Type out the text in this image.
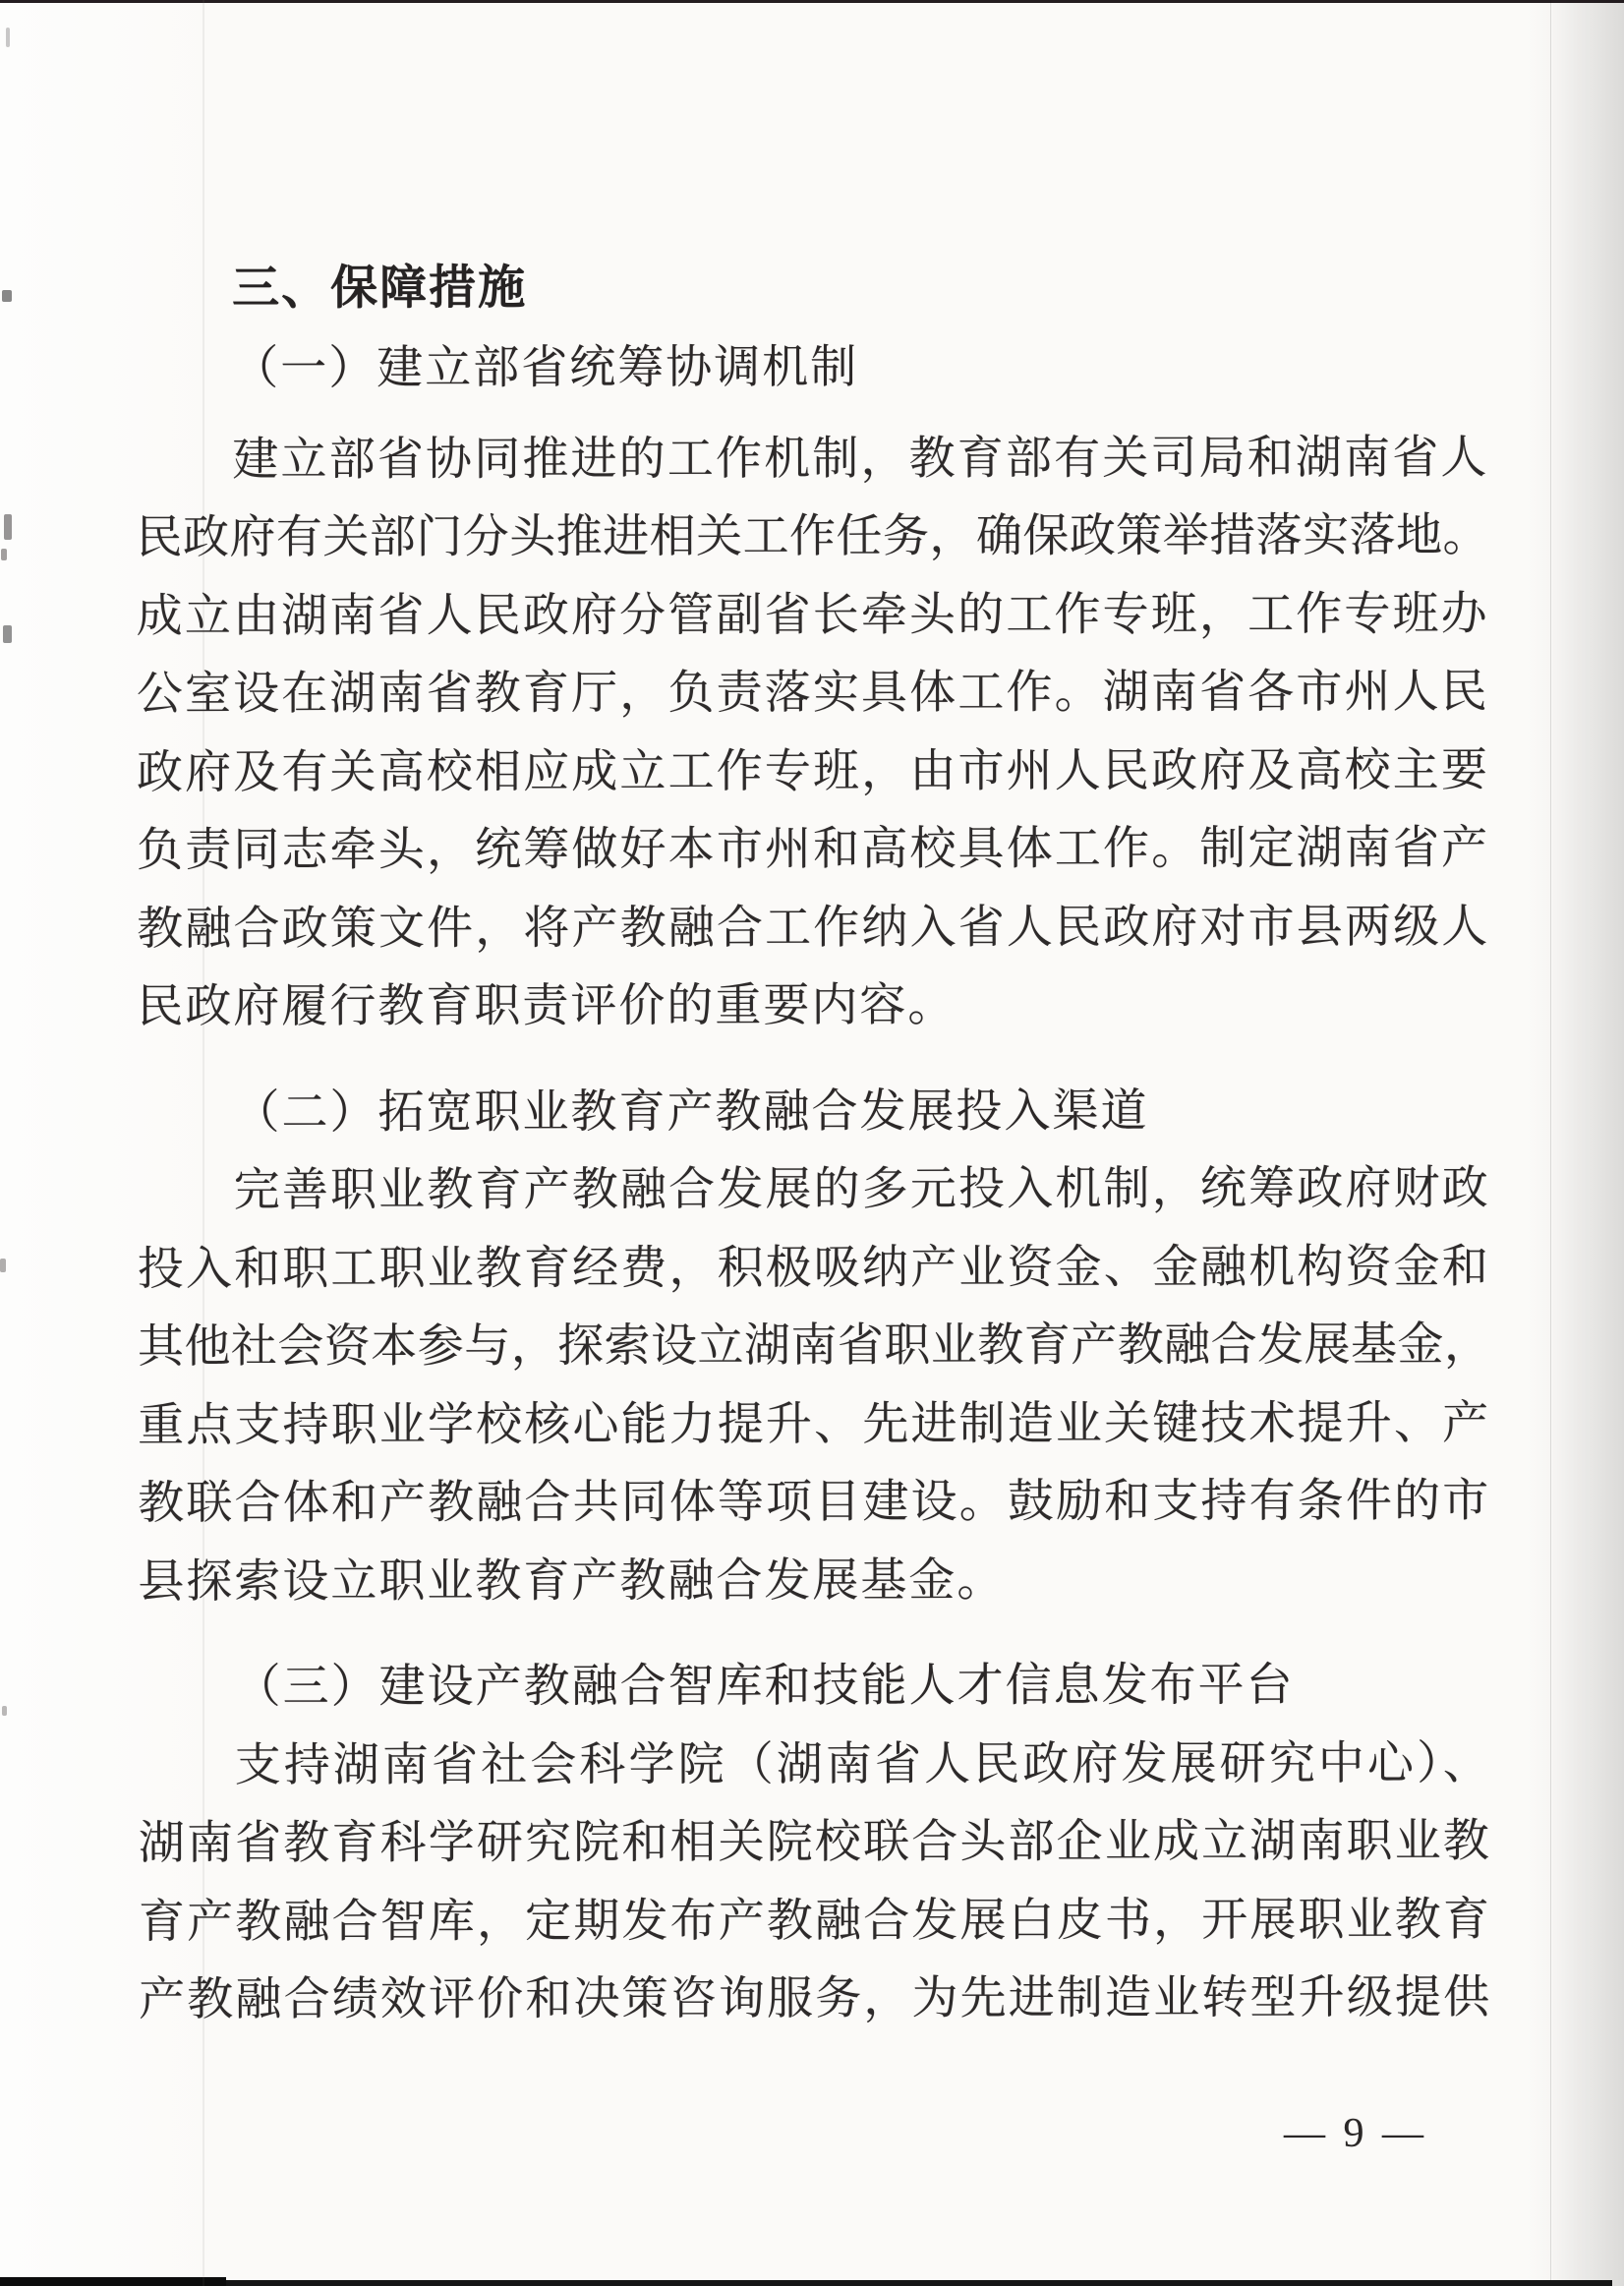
三、保障措施
（一）建立部省统筹协调机制
建立部省协同推进的工作机制，教育部有关司局和湖南省人
民政府有关部门分头推进相关工作任务，确保政策举措落实落地。
成立由湖南省人民政府分管副省长牵头的工作专班，工作专班办
公室设在湖南省教育厅，负责落实具体工作。湖南省各市州人民
政府及有关高校相应成立工作专班，由市州人民政府及高校主要
负责同志牵头，统筹做好本市州和高校具体工作。制定湖南省产
教融合政策文件，将产教融合工作纳入省人民政府对市县两级人
民政府履行教育职责评价的重要内容。
（二）拓宽职业教育产教融合发展投入渠道
完善职业教育产教融合发展的多元投入机制，统筹政府财政
投入和职工职业教育经费，积极吸纳产业资金、金融机构资金和
其他社会资本参与，探索设立湖南省职业教育产教融合发展基金，
重点支持职业学校核心能力提升、先进制造业关键技术提升、产
教联合体和产教融合共同体等项目建设。鼓励和支持有条件的市
县探索设立职业教育产教融合发展基金。
（三）建设产教融合智库和技能人才信息发布平台
支持湖南省社会科学院（湖南省人民政府发展研究中心）、
湖南省教育科学研究院和相关院校联合头部企业成立湖南职业教
育产教融合智库，定期发布产教融合发展白皮书，开展职业教育
产教融合绩效评价和决策咨询服务，为先进制造业转型升级提供
— 9 —
